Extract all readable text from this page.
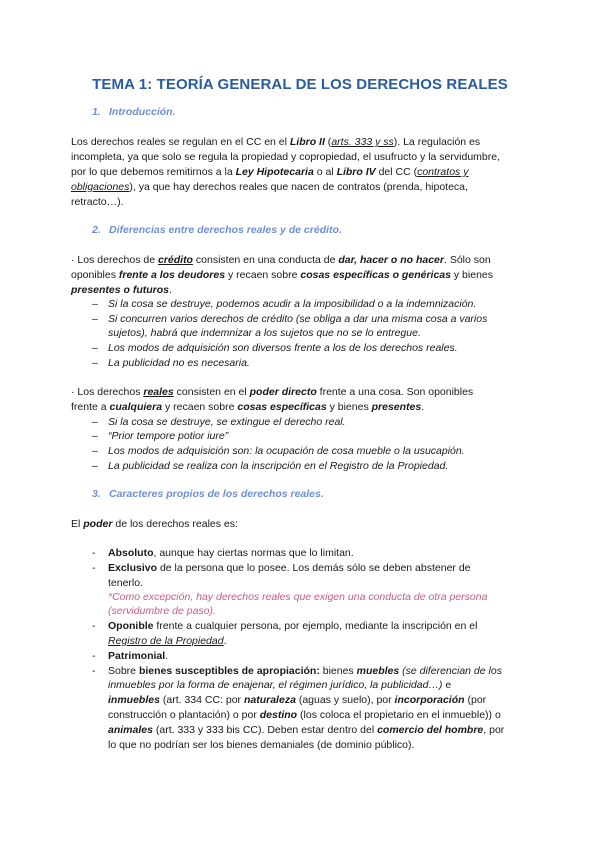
TEMA 1: TEORÍA GENERAL DE LOS DERECHOS REALES
1. Introducción.
Los derechos reales se regulan en el CC en el Libro II (arts. 333 y ss). La regulación es
incompleta, ya que solo se regula la propiedad y copropiedad, el usufructo y la servidumbre,
por lo que debemos remitirnos a la Ley Hipotecaria o al Libro IV del CC (contratos y
obligaciones), ya que hay derechos reales que nacen de contratos (prenda, hipoteca,
retracto…).
2. Diferencias entre derechos reales y de crédito.
· Los derechos de crédito consisten en una conducta de dar, hacer o no hacer. Sólo son
oponibles frente a los deudores y recaen sobre cosas específicas o genéricas y bienes
presentes o futuros.
– Si la cosa se destruye, podemos acudir a la imposibilidad o a la indemnización.
– Si concurren varios derechos de crédito (se obliga a dar una misma cosa a varios
sujetos), habrá que indemnizar a los sujetos que no se lo entregue.
– Los modos de adquisición son diversos frente a los de los derechos reales.
– La publicidad no es necesaria.
· Los derechos reales consisten en el poder directo frente a una cosa. Son oponibles
frente a cualquiera y recaen sobre cosas específicas y bienes presentes.
– Si la cosa se destruye, se extingue el derecho real.
– “Prior tempore potior iure”
– Los modos de adquisición son: la ocupación de cosa mueble o la usucapión.
– La publicidad se realiza con la inscripción en el Registro de la Propiedad.
3. Caracteres propios de los derechos reales.
El poder de los derechos reales es:
- Absoluto, aunque hay ciertas normas que lo limitan.
- Exclusivo de la persona que lo posee. Los demás sólo se deben abstener de
tenerlo.
*Como excepción, hay derechos reales que exigen una conducta de otra persona
(servidumbre de paso).
- Oponible frente a cualquier persona, por ejemplo, mediante la inscripción en el
Registro de la Propiedad.
- Patrimonial.
- Sobre bienes susceptibles de apropiación: bienes muebles (se diferencian de los
inmuebles por la forma de enajenar, el régimen jurídico, la publicidad…) e
inmuebles (art. 334 CC: por naturaleza (aguas y suelo), por incorporación (por
construcción o plantación) o por destino (los coloca el propietario en el inmueble)) o
animales (art. 333 y 333 bis CC). Deben estar dentro del comercio del hombre, por
lo que no podrían ser los bienes demaniales (de dominio público).
